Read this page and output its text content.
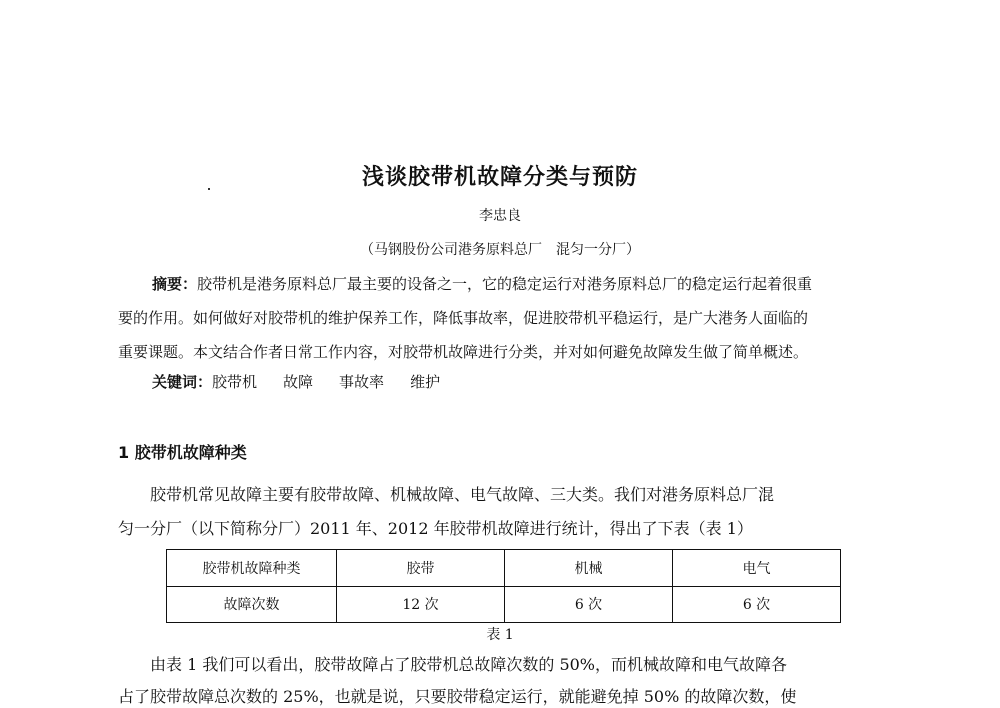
浅谈胶带机故障分类与预防
李忠良
（马钢股份公司港务原料总厂　混匀一分厂）
摘要：胶带机是港务原料总厂最主要的设备之一，它的稳定运行对港务原料总厂的稳定运行起着很重
要的作用。如何做好对胶带机的维护保养工作，降低事故率，促进胶带机平稳运行，是广大港务人面临的
重要课题。本文结合作者日常工作内容，对胶带机故障进行分类，并对如何避免故障发生做了简单概述。
关键词：胶带机 故障 事故率 维护
1 胶带机故障种类
胶带机常见故障主要有胶带故障、机械故障、电气故障、三大类。我们对港务原料总厂混
匀一分厂（以下简称分厂）2011 年、2012 年胶带机故障进行统计，得出了下表（表 1）
胶带机故障种类	胶带	机械	电气
故障次数	12 次	6 次	6 次
表 1
由表 1 我们可以看出，胶带故障占了胶带机总故障次数的 50%，而机械故障和电气故障各
占了胶带故障总次数的 25%，也就是说，只要胶带稳定运行，就能避免掉 50% 的故障次数，使
